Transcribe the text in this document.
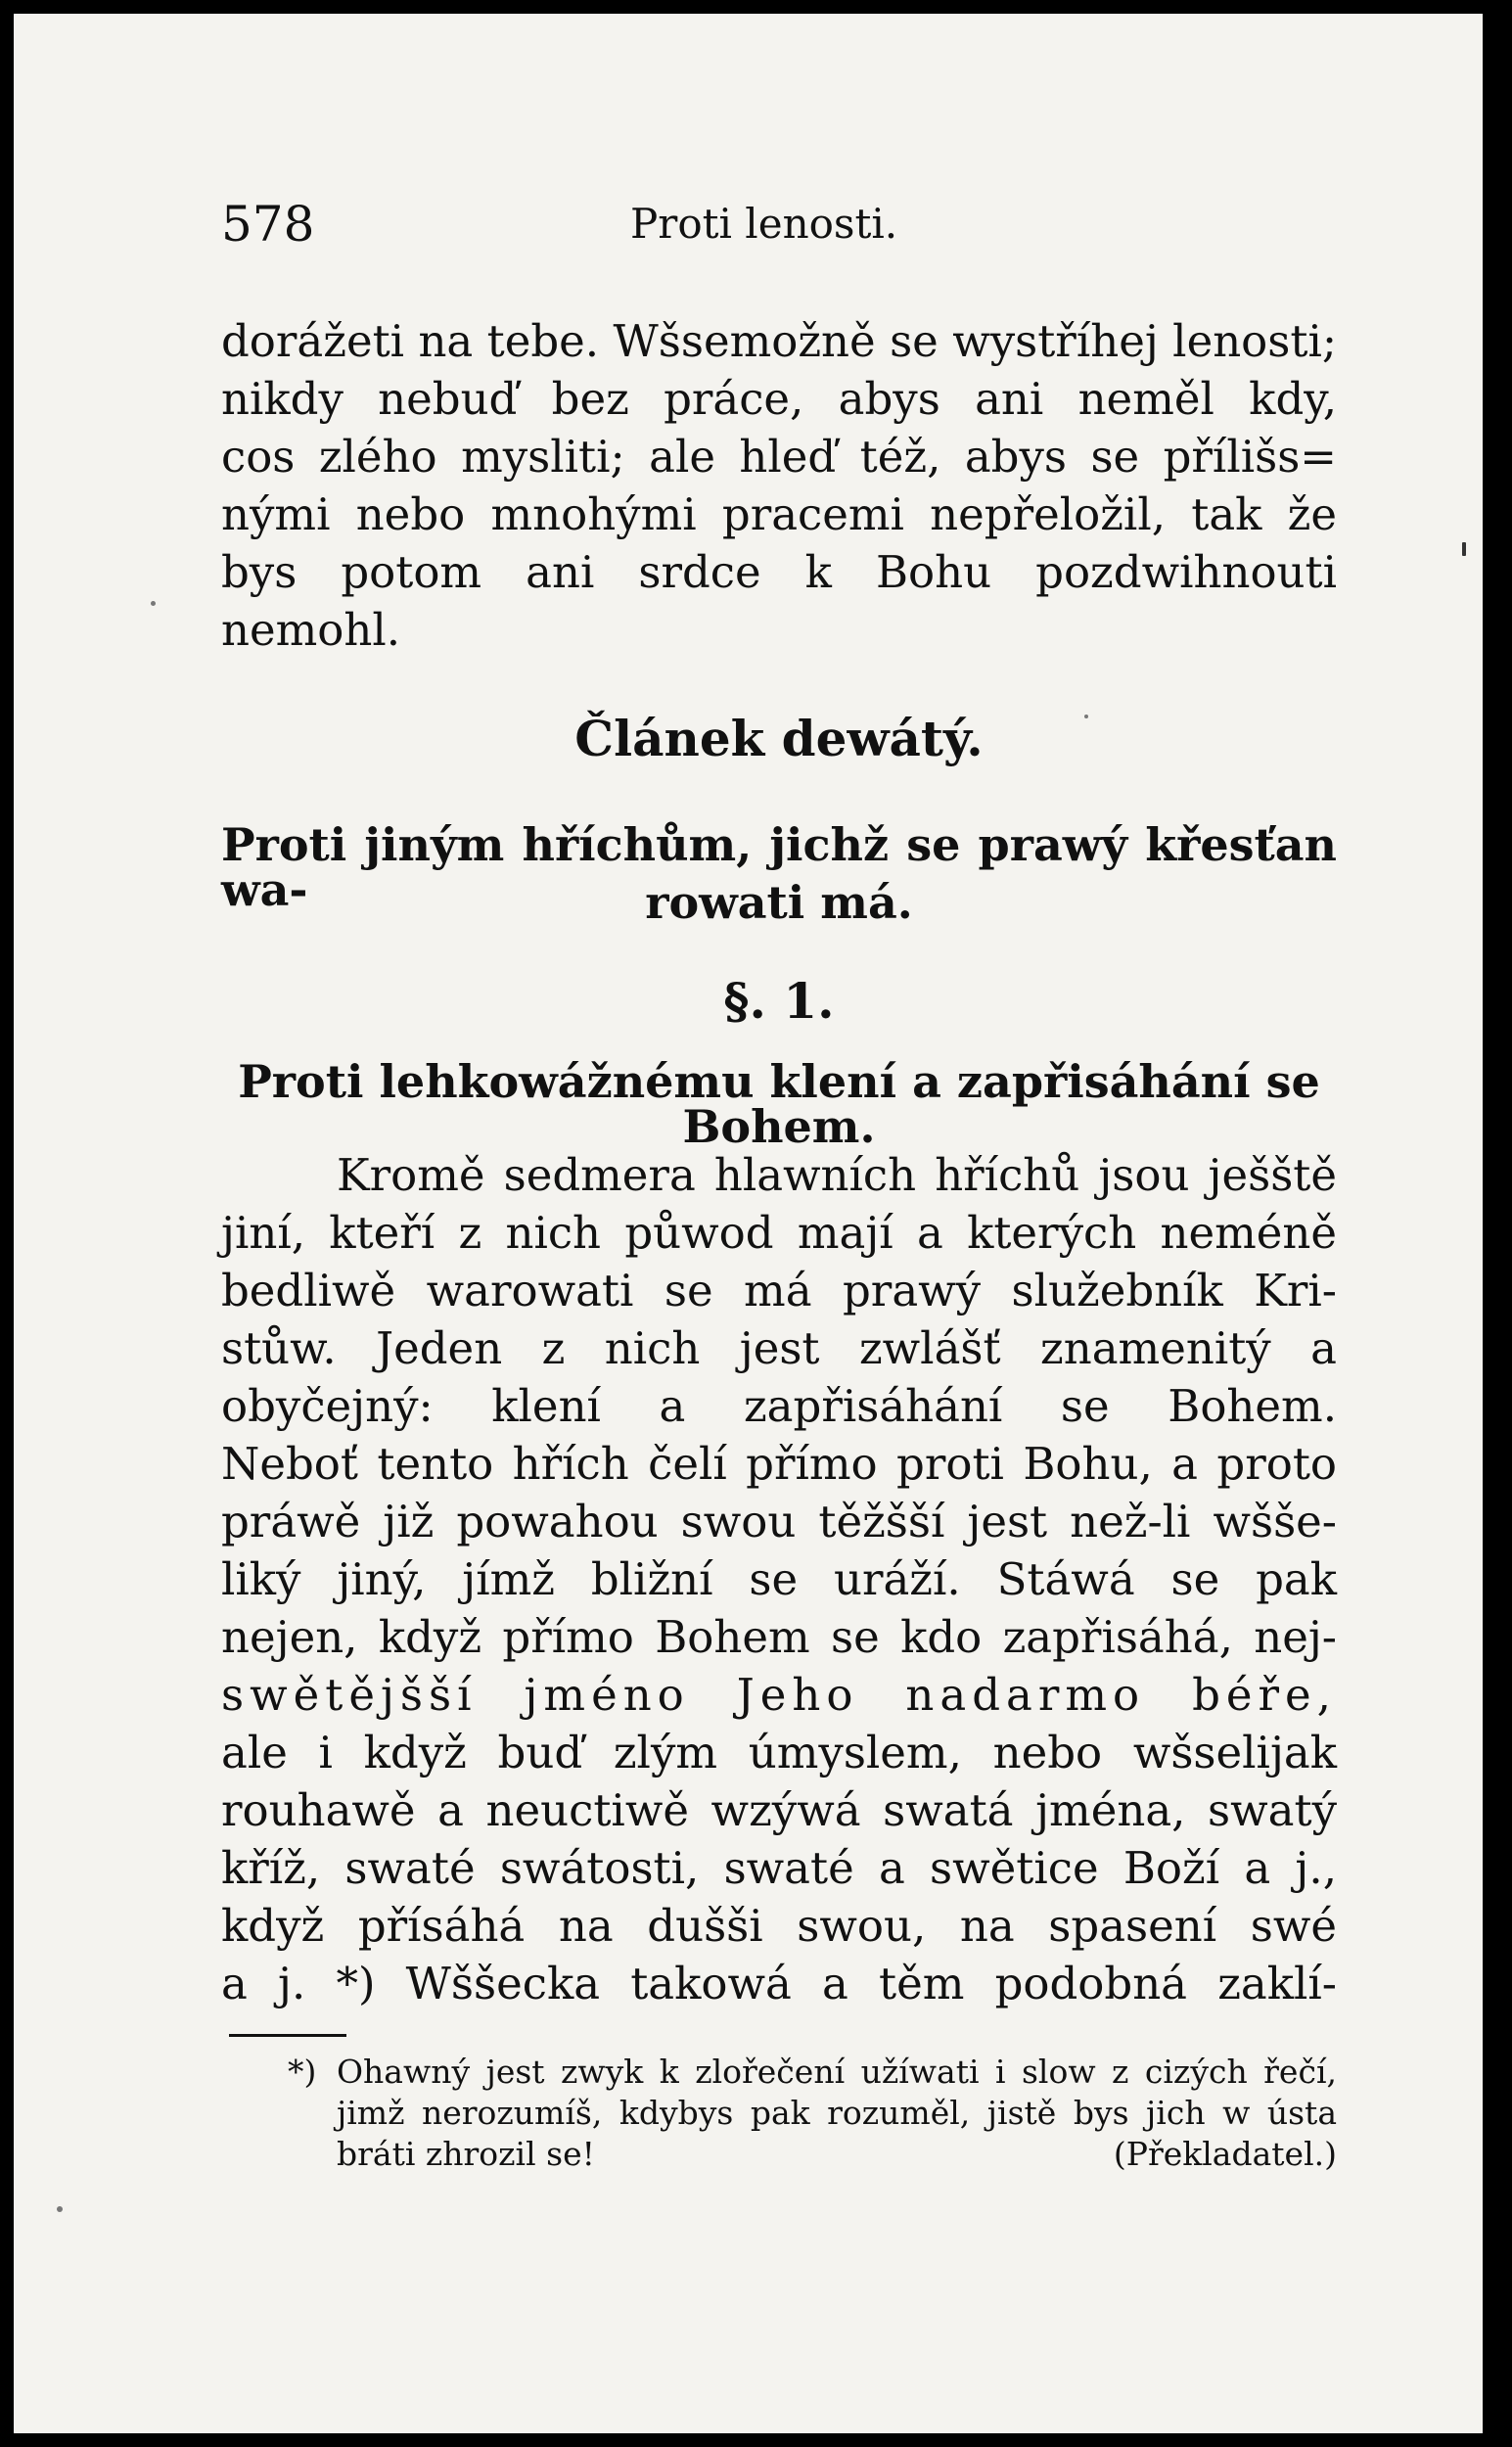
578	Proti lenosti.
dorážeti na tebe. Wšsemožně se wystříhej lenosti;
nikdy nebuď bez práce, abys ani neměl kdy,
cos zlého mysliti; ale hleď též, abys se přílišs=
nými nebo mnohými pracemi nepřeložil, tak že
bys potom ani srdce k Bohu pozdwihnouti
nemohl.
Článek dewátý.
Proti jiným hříchům, jichž se prawý křesťan wa-	rowati má.
§. 1.
Proti lehkowážnému klení a zapřisáhání se Bohem.
Kromě sedmera hlawních hříchů jsou ješště
jiní, kteří z nich půwod mají a kterých neméně
bedliwě warowati se má prawý služebník Kri-
stůw. Jeden z nich jest zwlášť znamenitý a
obyčejný: klení a zapřisáhání se Bohem.
Neboť tento hřích čelí přímo proti Bohu, a proto
práwě již powahou swou těžšší jest než-li wšše-
liký jiný, jímž bližní se uráží. Stáwá se pak
nejen, když přímo Bohem se kdo zapřisáhá, nej-
swětějšší jméno Jeho nadarmo béře,
ale i když buď zlým úmyslem, nebo wšselijak
rouhawě a neuctiwě wzýwá swatá jména, swatý
kříž, swaté swátosti, swaté a swětice Boží a j.,
když přísáhá na dušši swou, na spasení swé
a j. *) Wššecka takowá a těm podobná zaklí-
*) Ohawný jest zwyk k zlořečení užíwati i slow z cizých řečí,
jimž nerozumíš, kdybys pak rozuměl, jistě bys jich w ústa
bráti zhrozil se!	(Překladatel.)
